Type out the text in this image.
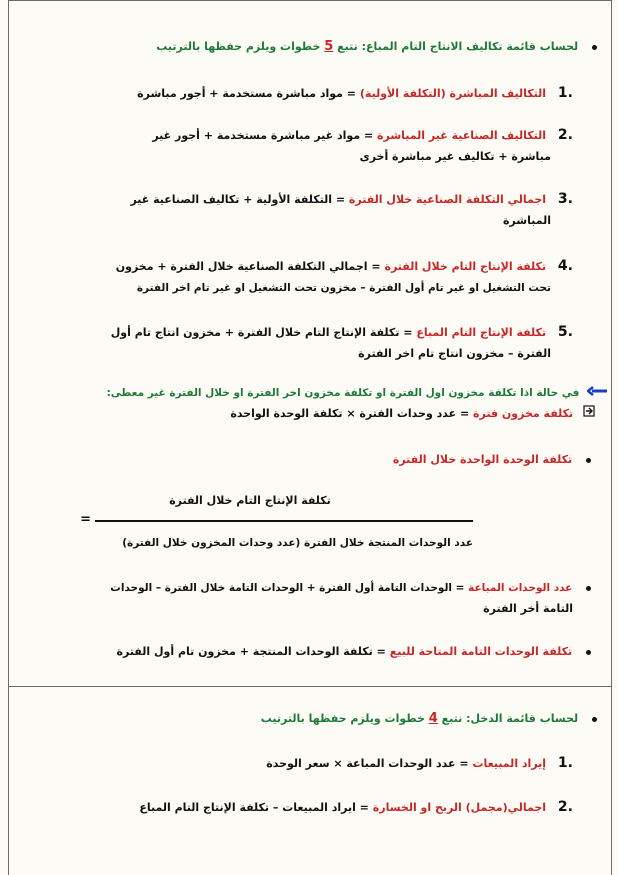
لحساب قائمة تكاليف الانتاج التام المباع: نتبع 5 خطوات ويلزم حفظها بالترتيب
.1 التكاليف المباشرة (التكلفة الأولية) = مواد مباشرة مستخدمة + أجور مباشرة
.2 التكاليف الصناعية غير المباشرة = مواد غير مباشرة مستخدمة + أجور غير
مباشرة + تكاليف غير مباشرة أخرى
.3 اجمالي التكلفة الصناعية خلال الفترة = التكلفة الأولية + تكاليف الصناعية غير
المباشرة
.4 تكلفة الإنتاج التام خلال الفترة = اجمالي التكلفة الصناعية خلال الفترة + مخزون
تحت التشغيل او غير تام أول الفترة – مخزون تحت التشغيل او غير تام اخر الفترة
.5 تكلفة الإنتاج التام المباع = تكلفة الإنتاج التام خلال الفترة + مخزون انتاج تام أول
الفترة – مخزون انتاج تام اخر الفترة
في حالة اذا تكلفة مخزون اول الفترة او تكلفة مخزون اخر الفترة او خلال الفترة غير معطى:
تكلفة مخزون فترة = عدد وحدات الفترة × تكلفة الوحدة الواحدة
تكلفة الوحدة الواحدة خلال الفترة
تكلفة الإنتاج التام خلال الفترة
=
عدد الوحدات المنتجة خلال الفترة (عدد وحدات المخزون خلال الفترة)
عدد الوحدات المباعة = الوحدات التامة أول الفترة + الوحدات التامة خلال الفترة – الوحدات
التامة أخر الفترة
تكلفة الوحدات التامة المتاحة للبيع = تكلفة الوحدات المنتجة + مخزون تام أول الفترة
لحساب قائمة الدخل: نتبع 4 خطوات ويلزم حفظها بالترتيب
.1 إيراد المبيعات = عدد الوحدات المباعة × سعر الوحدة
.2 اجمالي(مجمل) الربح او الخسارة = ايراد المبيعات – تكلفة الإنتاج التام المباع
